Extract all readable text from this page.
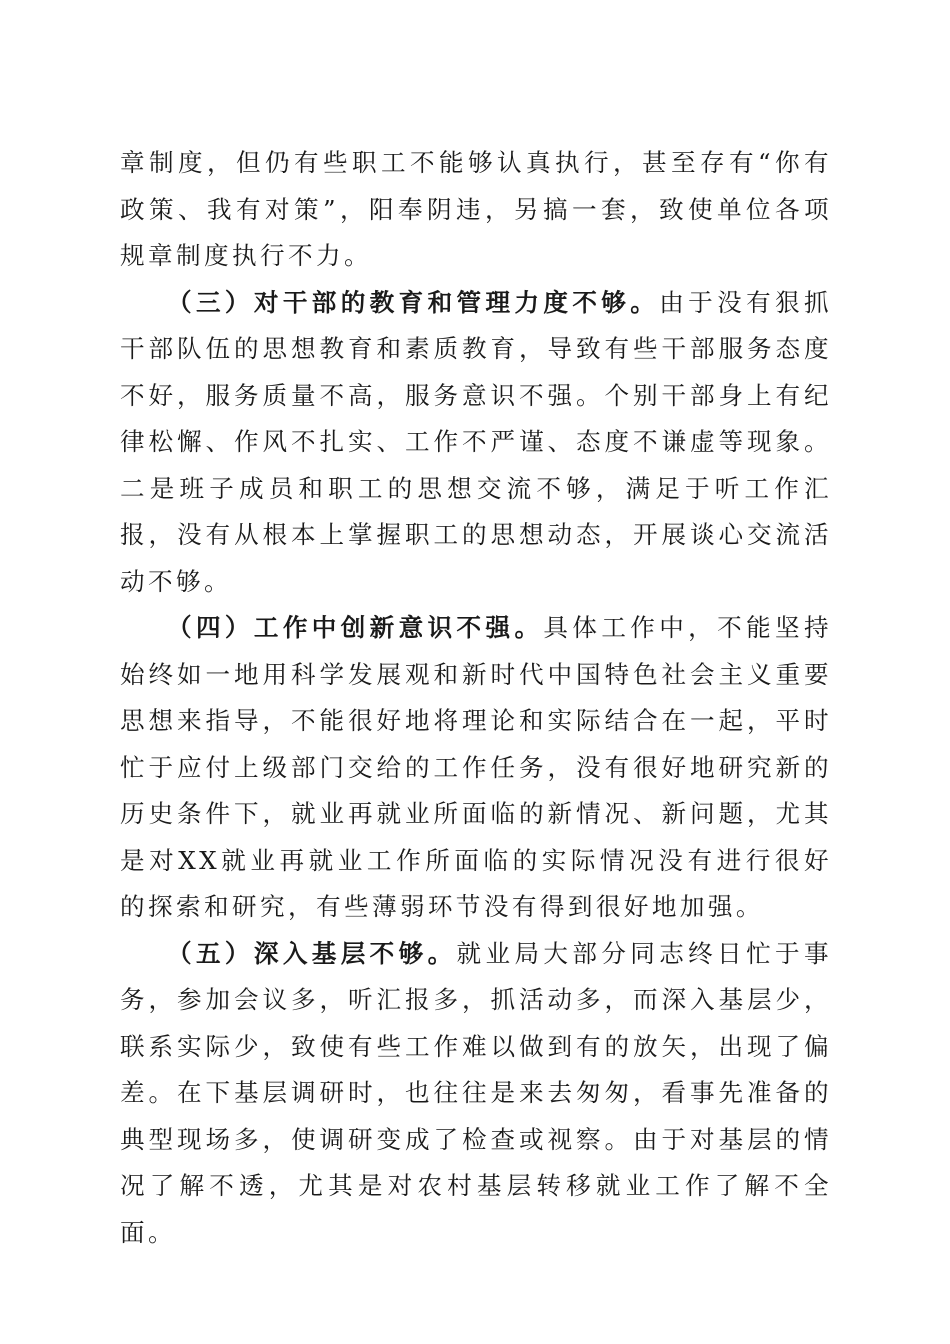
章制度，但仍有些职工不能够认真执行，甚至存有“你有政策、我有对策”，阳奉阴违，另搞一套，致使单位各项规章制度执行不力。

（三）对干部的教育和管理力度不够。由于没有狠抓干部队伍的思想教育和素质教育，导致有些干部服务态度不好，服务质量不高，服务意识不强。个别干部身上有纪律松懈、作风不扎实、工作不严谨、态度不谦虚等现象。二是班子成员和职工的思想交流不够，满足于听工作汇报，没有从根本上掌握职工的思想动态，开展谈心交流活动不够。

（四）工作中创新意识不强。具体工作中，不能坚持始终如一地用科学发展观和新时代中国特色社会主义重要思想来指导，不能很好地将理论和实际结合在一起，平时忙于应付上级部门交给的工作任务，没有很好地研究新的历史条件下，就业再就业所面临的新情况、新问题，尤其是对XX就业再就业工作所面临的实际情况没有进行很好的探索和研究，有些薄弱环节没有得到很好地加强。

（五）深入基层不够。就业局大部分同志终日忙于事务，参加会议多，听汇报多，抓活动多，而深入基层少，联系实际少，致使有些工作难以做到有的放矢，出现了偏差。在下基层调研时，也往往是来去匆匆，看事先准备的典型现场多，使调研变成了检查或视察。由于对基层的情况了解不透，尤其是对农村基层转移就业工作了解不全面。
